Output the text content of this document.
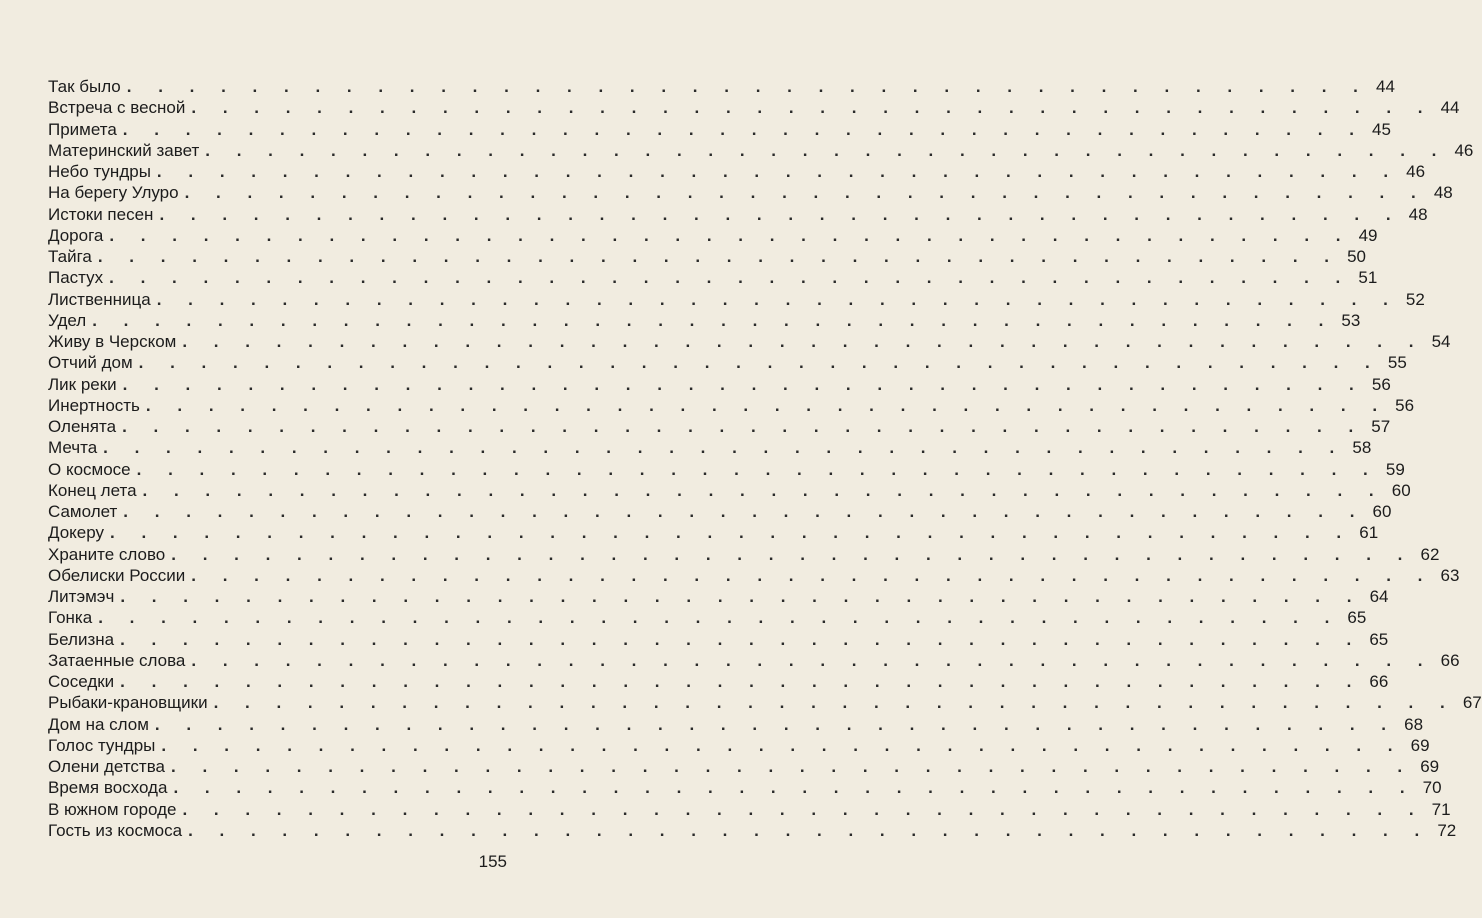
Так было . . . . . . . . . . . . . . . . . . . . . . . . . . . . . . . . . . . . . . . . 44
Встреча с весной . . . . . . . . . . . . . . . . . . . . . . . . . . . . . . . . . . . . . . . . 44
Примета . . . . . . . . . . . . . . . . . . . . . . . . . . . . . . . . . . . . . . . . 45
Материнский завет . . . . . . . . . . . . . . . . . . . . . . . . . . . . . . . . . . . . . . . . 46
Небо тундры . . . . . . . . . . . . . . . . . . . . . . . . . . . . . . . . . . . . . . . . 46
На берегу Улуро . . . . . . . . . . . . . . . . . . . . . . . . . . . . . . . . . . . . . . . . 48
Истоки песен . . . . . . . . . . . . . . . . . . . . . . . . . . . . . . . . . . . . . . . . 48
Дорога . . . . . . . . . . . . . . . . . . . . . . . . . . . . . . . . . . . . . . . . 49
Тайга . . . . . . . . . . . . . . . . . . . . . . . . . . . . . . . . . . . . . . . . 50
Пастух . . . . . . . . . . . . . . . . . . . . . . . . . . . . . . . . . . . . . . . . 51
Лиственница . . . . . . . . . . . . . . . . . . . . . . . . . . . . . . . . . . . . . . . . 52
Удел . . . . . . . . . . . . . . . . . . . . . . . . . . . . . . . . . . . . . . . . 53
Живу в Черском . . . . . . . . . . . . . . . . . . . . . . . . . . . . . . . . . . . . . . . . 54
Отчий дом . . . . . . . . . . . . . . . . . . . . . . . . . . . . . . . . . . . . . . . . 55
Лик реки . . . . . . . . . . . . . . . . . . . . . . . . . . . . . . . . . . . . . . . . 56
Инертность . . . . . . . . . . . . . . . . . . . . . . . . . . . . . . . . . . . . . . . . 56
Оленята . . . . . . . . . . . . . . . . . . . . . . . . . . . . . . . . . . . . . . . . 57
Мечта . . . . . . . . . . . . . . . . . . . . . . . . . . . . . . . . . . . . . . . . 58
О космосе . . . . . . . . . . . . . . . . . . . . . . . . . . . . . . . . . . . . . . . . 59
Конец лета . . . . . . . . . . . . . . . . . . . . . . . . . . . . . . . . . . . . . . . . 60
Самолет . . . . . . . . . . . . . . . . . . . . . . . . . . . . . . . . . . . . . . . . 60
Докеру . . . . . . . . . . . . . . . . . . . . . . . . . . . . . . . . . . . . . . . . 61
Храните слово . . . . . . . . . . . . . . . . . . . . . . . . . . . . . . . . . . . . . . . . 62
Обелиски России . . . . . . . . . . . . . . . . . . . . . . . . . . . . . . . . . . . . . . . . 63
Литэмэч . . . . . . . . . . . . . . . . . . . . . . . . . . . . . . . . . . . . . . . . 64
Гонка . . . . . . . . . . . . . . . . . . . . . . . . . . . . . . . . . . . . . . . . 65
Белизна . . . . . . . . . . . . . . . . . . . . . . . . . . . . . . . . . . . . . . . . 65
Затаенные слова . . . . . . . . . . . . . . . . . . . . . . . . . . . . . . . . . . . . . . . . 66
Соседки . . . . . . . . . . . . . . . . . . . . . . . . . . . . . . . . . . . . . . . . 66
Рыбаки-крановщики . . . . . . . . . . . . . . . . . . . . . . . . . . . . . . . . . . . . . . . . 67
Дом на слом . . . . . . . . . . . . . . . . . . . . . . . . . . . . . . . . . . . . . . . . 68
Голос тундры . . . . . . . . . . . . . . . . . . . . . . . . . . . . . . . . . . . . . . . . 69
Олени детства . . . . . . . . . . . . . . . . . . . . . . . . . . . . . . . . . . . . . . . . 69
Время восхода . . . . . . . . . . . . . . . . . . . . . . . . . . . . . . . . . . . . . . . . 70
В южном городе . . . . . . . . . . . . . . . . . . . . . . . . . . . . . . . . . . . . . . . . 71
Гость из космоса . . . . . . . . . . . . . . . . . . . . . . . . . . . . . . . . . . . . . . . . 72
155
